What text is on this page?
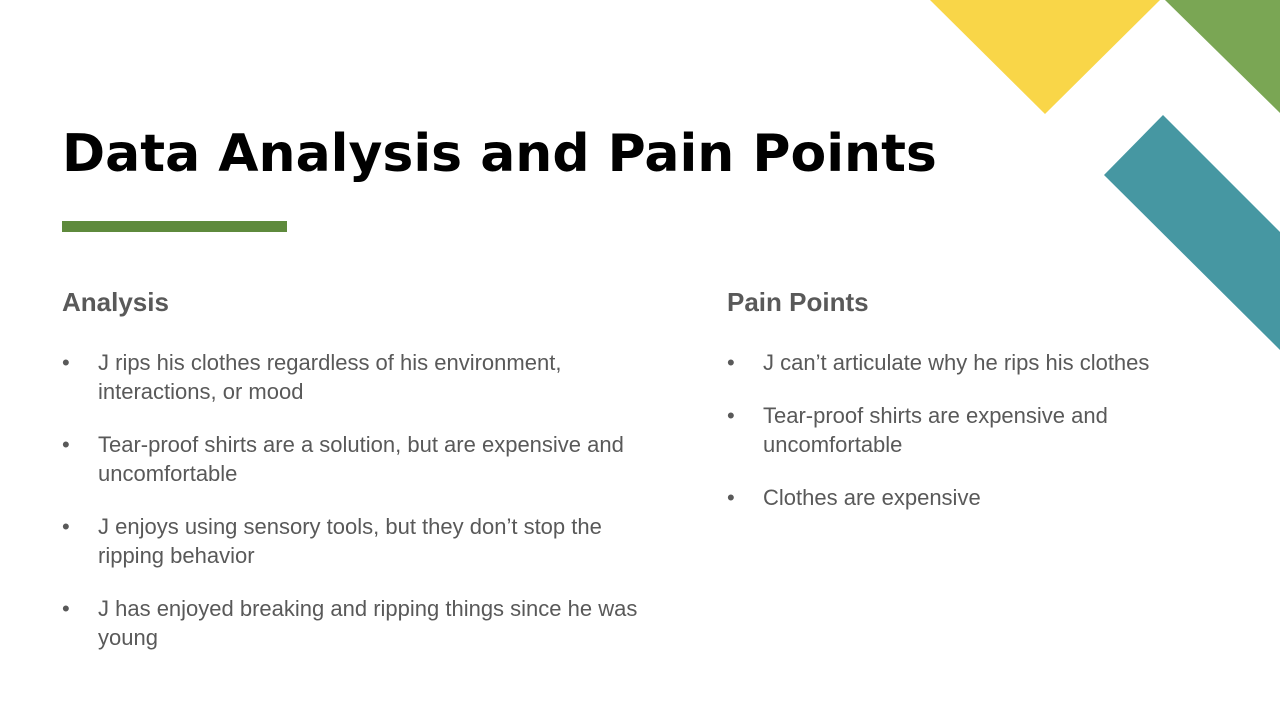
Data Analysis and Pain Points
Analysis
•	J rips his clothes regardless of his environment, interactions, or mood
•	Tear-proof shirts are a solution, but are expensive and uncomfortable
•	J enjoys using sensory tools, but they don’t stop the ripping behavior
•	J has enjoyed breaking and ripping things since he was young
Pain Points
•	J can’t articulate why he rips his clothes
•	Tear-proof shirts are expensive and uncomfortable
•	Clothes are expensive
